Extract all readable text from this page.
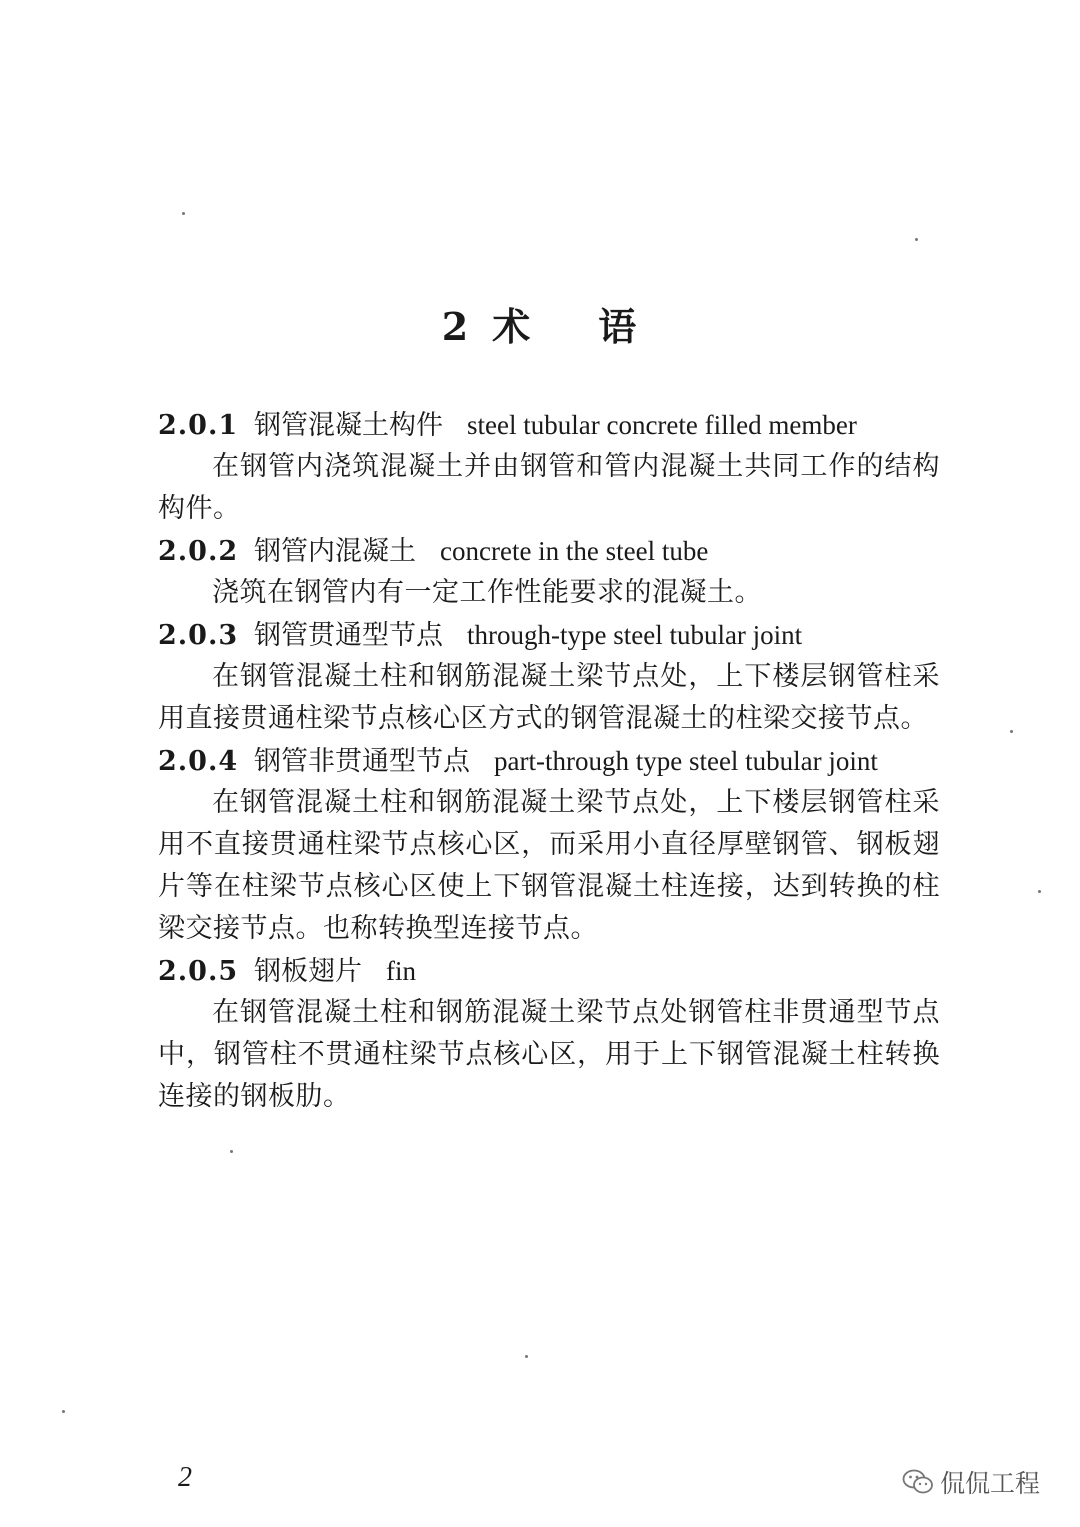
2 术 语
2.0.1 钢管混凝土构件 steel tubular concrete filled member

在钢管内浇筑混凝土并由钢管和管内混凝土共同工作的结构构件。

2.0.2 钢管内混凝土 concrete in the steel tube

浇筑在钢管内有一定工作性能要求的混凝土。

2.0.3 钢管贯通型节点 through-type steel tubular joint

在钢管混凝土柱和钢筋混凝土梁节点处，上下楼层钢管柱采用直接贯通柱梁节点核心区方式的钢管混凝土的柱梁交接节点。

2.0.4 钢管非贯通型节点 part-through type steel tubular joint

在钢管混凝土柱和钢筋混凝土梁节点处，上下楼层钢管柱采用不直接贯通柱梁节点核心区，而采用小直径厚壁钢管、钢板翅片等在柱梁节点核心区使上下钢管混凝土柱连接，达到转换的柱梁交接节点。也称转换型连接节点。

2.0.5 钢板翅片 fin

在钢管混凝土柱和钢筋混凝土梁节点处钢管柱非贯通型节点中，钢管柱不贯通柱梁节点核心区，用于上下钢管混凝土柱转换连接的钢板肋。

2	侃侃工程
